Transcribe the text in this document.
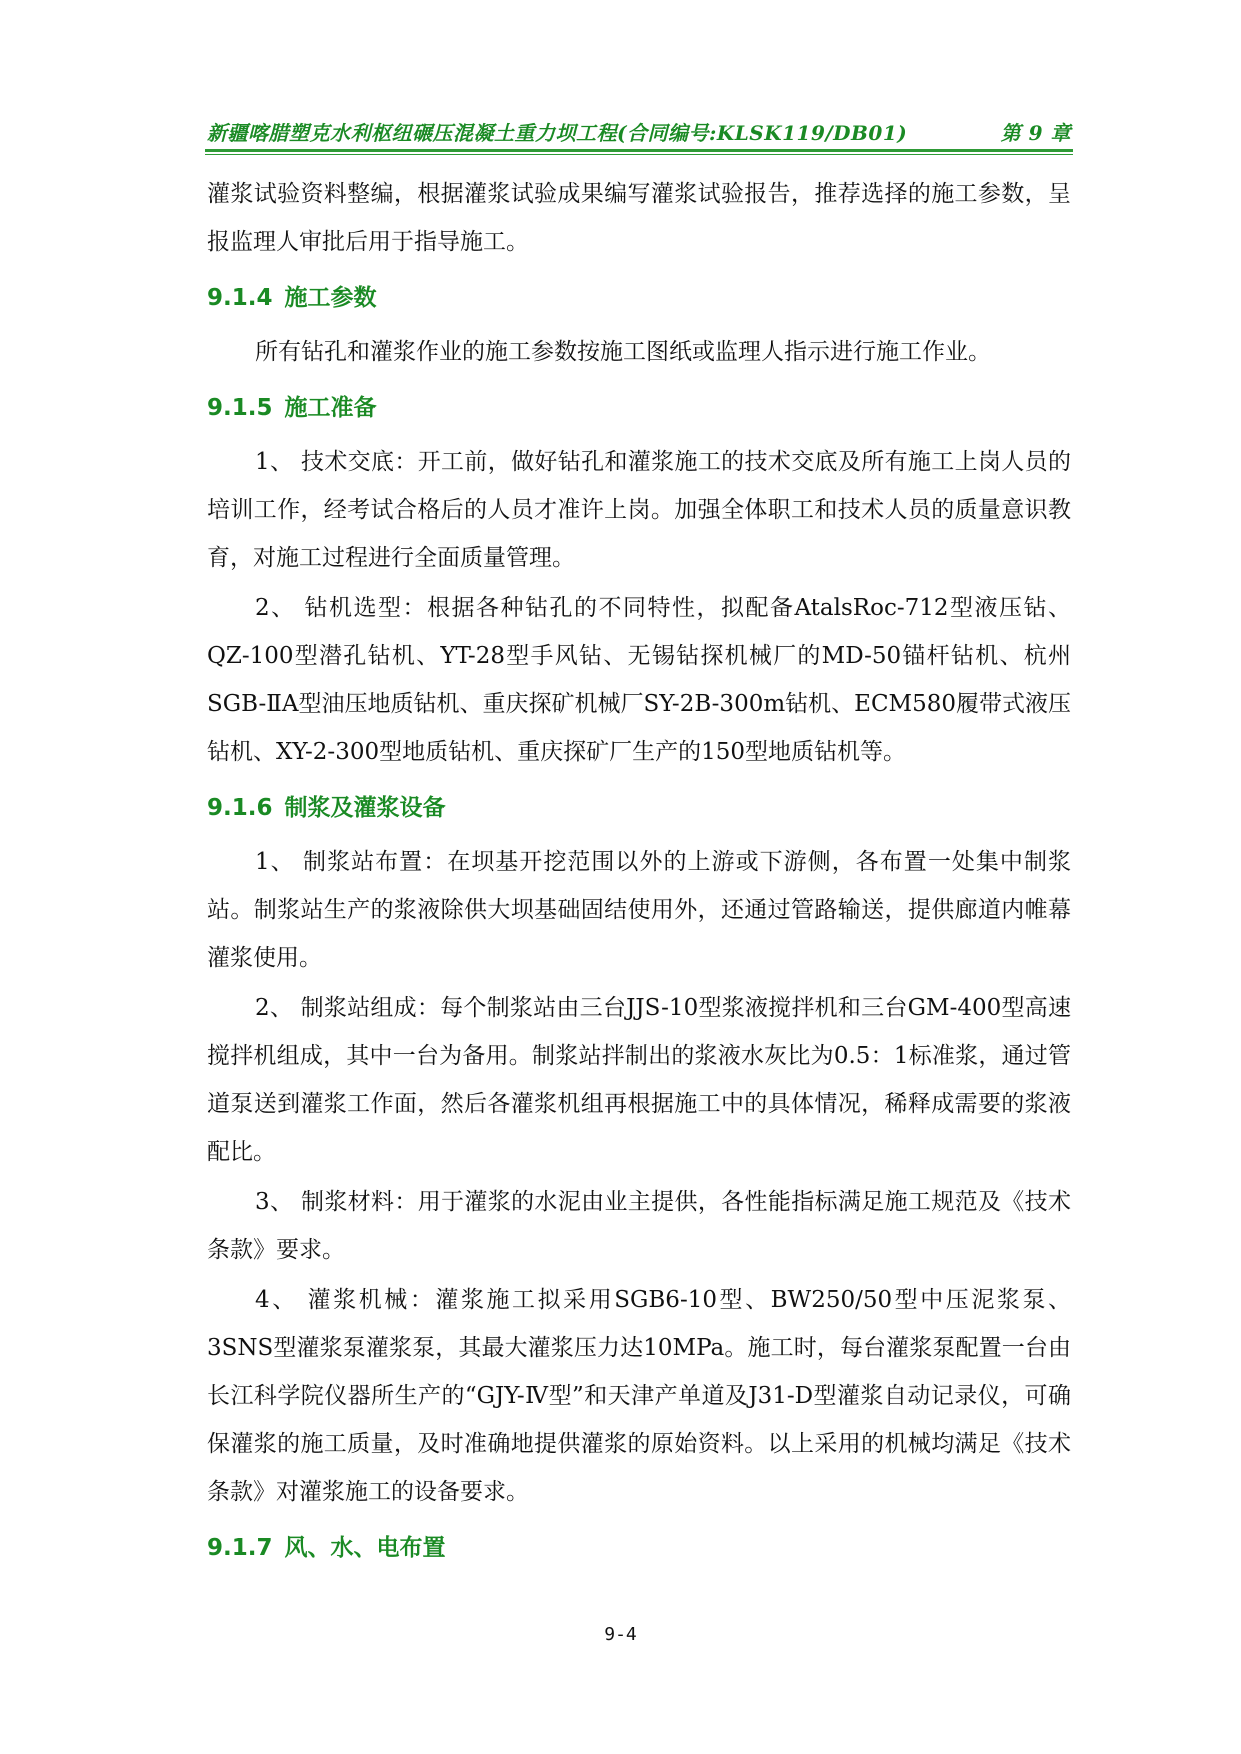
新疆喀腊塑克水利枢纽碾压混凝土重力坝工程(合同编号:KLSK119/DB01)	第 9 章

灌浆试验资料整编，根据灌浆试验成果编写灌浆试验报告，推荐选择的施工参数，呈报监理人审批后用于指导施工。

9.1.4 施工参数

所有钻孔和灌浆作业的施工参数按施工图纸或监理人指示进行施工作业。

9.1.5 施工准备

1、 技术交底：开工前，做好钻孔和灌浆施工的技术交底及所有施工上岗人员的培训工作，经考试合格后的人员才准许上岗。加强全体职工和技术人员的质量意识教育，对施工过程进行全面质量管理。

2、 钻机选型：根据各种钻孔的不同特性，拟配备AtalsRoc-712型液压钻、QZ-100型潜孔钻机、YT-28型手风钻、无锡钻探机械厂的MD-50锚杆钻机、杭州SGB-ⅡA型油压地质钻机、重庆探矿机械厂SY-2B-300m钻机、ECM580履带式液压钻机、XY-2-300型地质钻机、重庆探矿厂生产的150型地质钻机等。

9.1.6 制浆及灌浆设备

1、 制浆站布置：在坝基开挖范围以外的上游或下游侧，各布置一处集中制浆站。制浆站生产的浆液除供大坝基础固结使用外，还通过管路输送，提供廊道内帷幕灌浆使用。

2、 制浆站组成：每个制浆站由三台JJS-10型浆液搅拌机和三台GM-400型高速搅拌机组成，其中一台为备用。制浆站拌制出的浆液水灰比为0.5：1标准浆，通过管道泵送到灌浆工作面，然后各灌浆机组再根据施工中的具体情况，稀释成需要的浆液配比。

3、 制浆材料：用于灌浆的水泥由业主提供，各性能指标满足施工规范及《技术条款》要求。

4、 灌浆机械：灌浆施工拟采用SGB6-10型、BW250/50型中压泥浆泵、3SNS型灌浆泵灌浆泵，其最大灌浆压力达10MPa。施工时，每台灌浆泵配置一台由长江科学院仪器所生产的“GJY-Ⅳ型”和天津产单道及J31-D型灌浆自动记录仪，可确保灌浆的施工质量，及时准确地提供灌浆的原始资料。以上采用的机械均满足《技术条款》对灌浆施工的设备要求。

9.1.7 风、水、电布置
9-4
